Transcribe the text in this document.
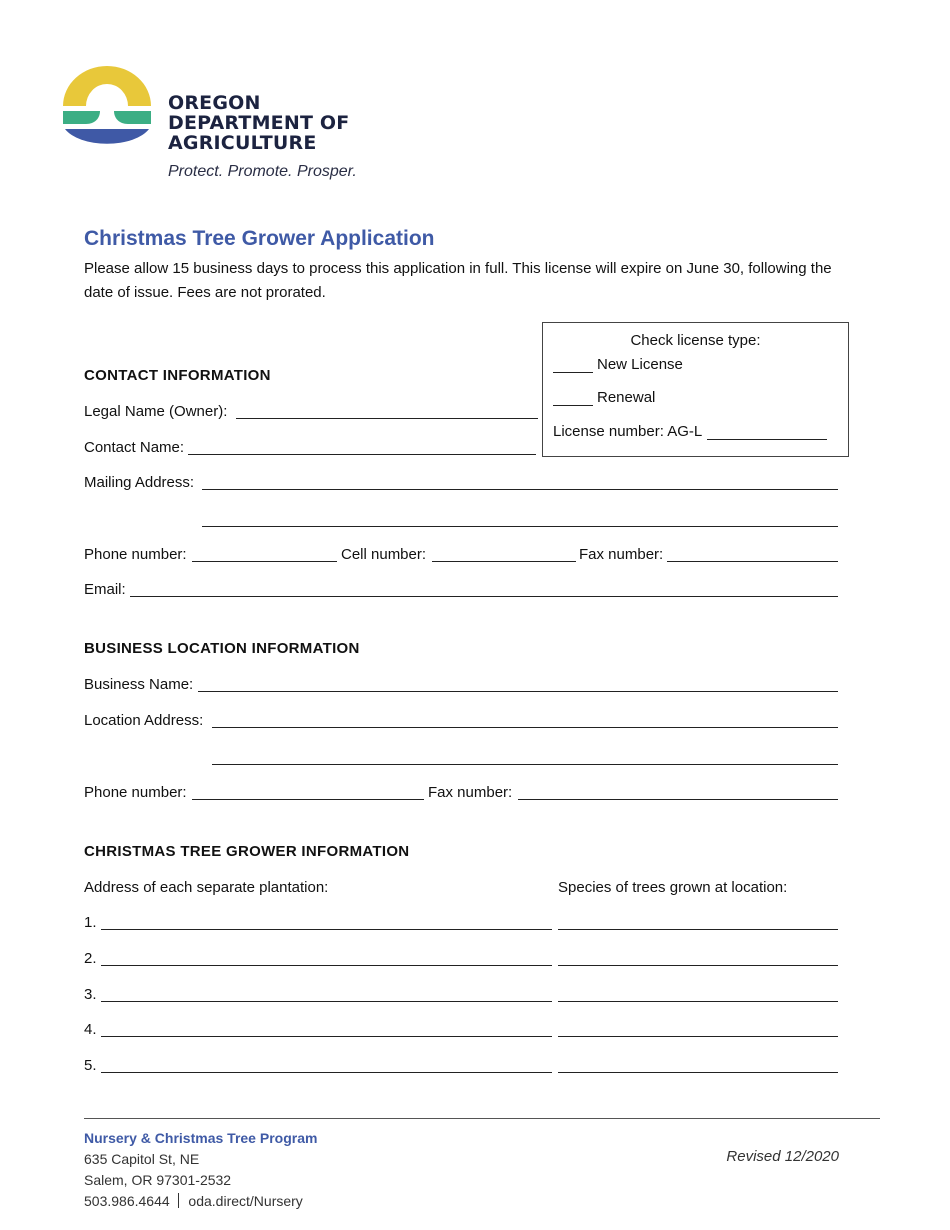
OREGON
DEPARTMENT OF
AGRICULTURE
Protect. Promote. Prosper.
Christmas Tree Grower Application
Please allow 15 business days to process this application in full. This license will expire on June 30, following the date of issue. Fees are not prorated.
Check license type:
New License
Renewal
License number: AG-L
CONTACT INFORMATION
Legal Name (Owner):
Contact Name:
Mailing Address:
Phone number:	Cell number:	Fax number:
Email:
BUSINESS LOCATION INFORMATION
Business Name:
Location Address:
Phone number:	Fax number:
CHRISTMAS TREE GROWER INFORMATION
Address of each separate plantation:	Species of trees grown at location:
1.
2.
3.
4.
5.
Nursery & Christmas Tree Program
635 Capitol St, NE
Salem, OR 97301-2532
503.986.4644 oda.direct/Nursery
Revised 12/2020
